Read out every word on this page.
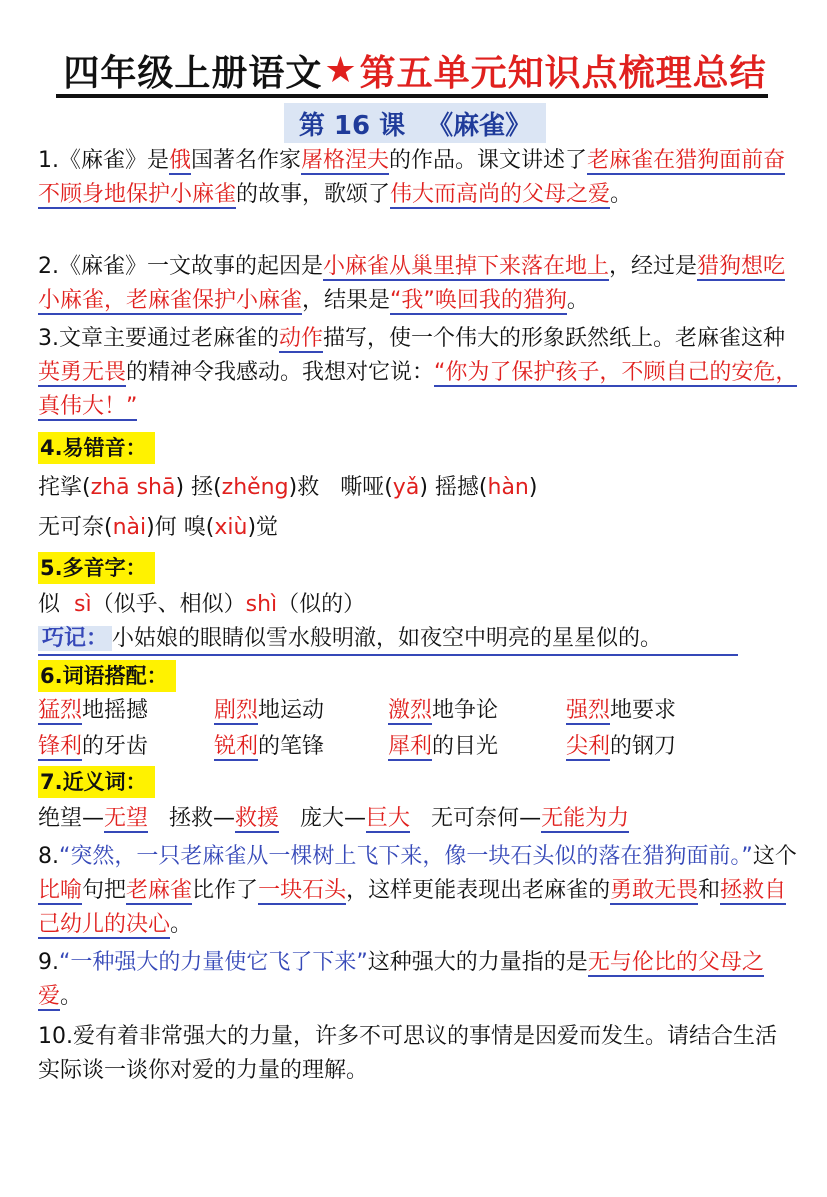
四年级上册语文 ★ 第五单元知识点梳理总结
第 16 课 《麻雀》
1.《麻雀》是俄国著名作家屠格涅夫的作品。课文讲述了老麻雀在猎狗面前奋不顾身地保护小麻雀的故事，歌颂了伟大而高尚的父母之爱。
2.《麻雀》一文故事的起因是小麻雀从巢里掉下来落在地上，经过是猎狗想吃小麻雀，老麻雀保护小麻雀，结果是“我”唤回我的猎狗。
3.文章主要通过老麻雀的动作描写，使一个伟大的形象跃然纸上。老麻雀这种英勇无畏的精神令我感动。我想对它说：“你为了保护孩子，不顾自己的安危，真伟大！”
4.易错音：
挓挲(zhā shā) 拯(zhěng)救 嘶哑(yǎ) 摇撼(hàn)
无可奈(nài)何 嗅(xiù)觉
5.多音字：
似 sì（似乎、相似）shì（似的）
巧记： 小姑娘的眼睛似雪水般明澈，如夜空中明亮的星星似的。
6.词语搭配：
猛烈地摇撼	剧烈地运动	激烈地争论	强烈地要求
锋利的牙齿	锐利的笔锋	犀利的目光	尖利的钢刀
7.近义词：
绝望—无望 拯救—救援 庞大—巨大 无可奈何—无能为力
8.“突然，一只老麻雀从一棵树上飞下来，像一块石头似的落在猎狗面前。”这个比喻句把老麻雀比作了一块石头，这样更能表现出老麻雀的勇敢无畏和拯救自己幼儿的决心。
9.“一种强大的力量使它飞了下来”这种强大的力量指的是无与伦比的父母之爱。
10.爱有着非常强大的力量，许多不可思议的事情是因爱而发生。请结合生活实际谈一谈你对爱的力量的理解。
